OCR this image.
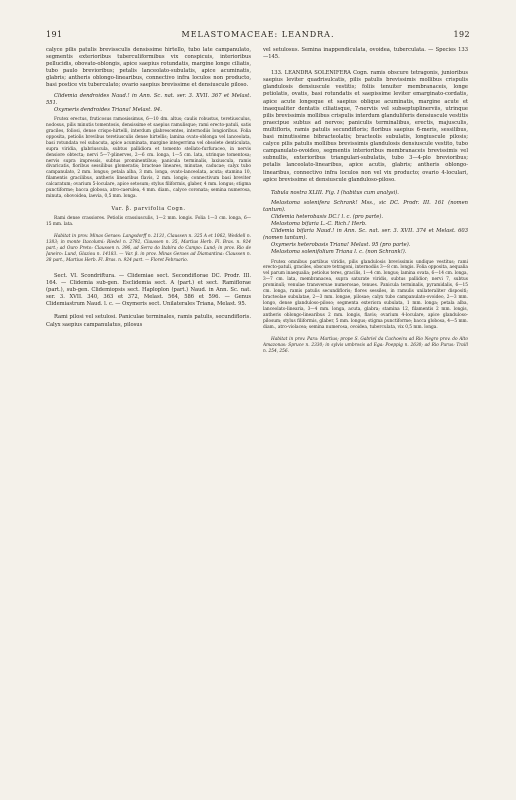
191	MELASTOMACEAE: LEANDRA.	192

calyce pilis patulis brevissculis densissime hirtello, tubo late campanulato, segmentis exterioribus tuberculiformibus vix conspicuis, interioribus pellucidis, obovato-oblongis, apice saepius rotundatis, margine longe ciliatis, tubo paulo brevioribus; petalis lanceolato-subulatis, apice acuminatis, glabris; antheris oblongo-linearibus, connectivo infra loculos non producto, basi postice vix tuberculato; ovario saepius brevissime et densiuscule piloso.

Clidemia dendroides Naud.! in Ann. Sc. nat. ser. 3. XVII. 367 et Melast. 551.

Oxymeris dendroides Triana! Melast. 94.

Frutex erectus, fruticosus ramosissimus, 6—10 dm. altus; caulis robustus, teretiusculus, nodosus, pilis minutis tomentosis, densissime et saepius ramulisque; rami erecto-patuli, satis graciles, foliosi, dense crispo-hirtelli, interdum glabrescentes, internodiis longioribus. Folia opposita, petiolis brevibus teretiusculis dense hirtellis; lamina ovato-oblonga vel lanceolata, basi rotundata vel subacuta, apice acuminata, margine integerrima vel obsolete denticulata, supra viridia, glabriuscula, subtus pallidiora et tomento stellato-furfuraceo, in nervis densiore obtecta; nervi 5—7-plinerves, 2—6 cm. longa, 1—5 cm. lata, utrinque tomentosa; nervis supra impressis, subtus prominentibus; panicula terminalis, laxiuscula, ramis divaricatis, floribus sessilibus glomeratis; bracteae lineares, minutae, caducae; calyx tubo campanulato, 2 mm. longus; petala alba, 3 mm. longa, ovato-lanceolata, acuta; stamina 10, filamentis gracilibus, antheris linearibus flavis, 2 mm. longis; connectivum basi breviter calcaratum; ovarium 5-loculare, apice setosum; stylus filiformis, glaber, 4 mm. longus; stigma punctiforme; bacca globosa, atro-caerulea, 4 mm. diam., calyce coronata; semina numerosa, minuta, obovoidea, laevia, 0,5 mm. longa.

Var. β. parvifolia Cogn.

Rami dense crassiores. Petiolis crassiusculis, 1—2 mm. longis. Folia 1—3 cm. longa, 6—15 mm. lata.

Habitat in prov. Minas Geraes: Langsdorff n. 2131, Claussen n. 325 A et 1062, Weddell n. 1383; in monte Itacolumi: Riedel n. 2792, Claussen n. 35, Martius Herb. Fl. Bras. n. 924 part.; ad Ouro Preto: Claussen n. 396, ad Serra do Itabira do Campo: Lund; in prov. Rio de Janeiro: Lund, Glaziou n. 14183. — Var. β. in prov. Minas Geraes ad Diamantina: Claussen n. 38 part., Martius Herb. Fl. Bras. n. 924 part. — Floret Februario.

Sect. VI. Scondriftura. — Clidemiae sect. Secondiflorae DC. Prodr. III. 164. — Clidemia sub-gen. Esclidemia sect. A (part.) et sect. Ramiflorae (part.), sub-gen. Clidemiopsis sect. Haploplon (part.) Naud. in Ann. Sc. nat. ser. 3. XVII. 340, 363 et 372, Melast. 564, 586 et 596. — Genus Clidemiastrum Naud. l. c. — Oxymeris sect. Unilaterales Triana, Melast. 95.

Rami pilosi vel setulosi. Paniculae terminales, ramis patulis, secundifloris. Calyx saepius campanulatus, pilosus

vel setulosus. Semina inappendiculata, ovoidea, tuberculata. — Species 133—145.

133. LEANDRA SOLENIFERA Cogn. ramis obscure tetragonis, junioribus saepius leviter quadrisulcatis, pilis patulis brevissimis mollibus crispulis glandulosis densiuscule vestitis; foliis tenuiter membranaceis, longe petiolatis, ovatis, basi rotundatis et saepissime leviter emarginato-cordatis, apice acute longeque et saepius oblique acuminatis, margine acute et inaequaliter dentatis ciliatisque, 7-nerviis vel subseptuplinerviis, utrinque pilis brevissimis mollibus crispulis interdum glanduliferis densiuscule vestitis praecipue subtus ad nervos; paniculis terminalibus, erectis, majusculis, multifloris, ramis patulis secundifloris; floribus saepius 6-meris, sessilibus, basi minutissime bibracteolatis; bracteolis subulatis, longiuscule pilosis; calyce pilis patulis mollibus brevissimis glandulosis densiuscule vestito, tubo campanulato-ovoideo, segmentis interioribus membranaceis brevissimis vel subnullis, exterioribus triangulari-subulatis, tubo 3—4-plo brevioribus; petalis lanceolato-linearibus, apice acutis, glabris; antheris oblongo-linearibus, connectivo infra loculos non vel vix producto; ovario 4-loculari, apice brevissime et densiuscule glanduloso-piloso.

Tabula nostra XLIII. Fig. I (habitus cum analysi).

Melastoma solenifera Schrank! Mss., sic DC. Prodr. III. 161 (nomen tantum).

Clidemia heterobasis DC.! l. c. (pro parte).

Melastoma bifaria L.-C. Rich.! Herb.

Clidemia bifaria Naud.! in Ann. Sc. nat. ser. 3. XVII. 374 et Melast. 603 (nomen tantum).

Oxymeris heterobasis Triana! Melast. 95 (pro parte).

Melastoma solenifolium Triana l. c. (non Schrank!).

Frutex omnibus partibus viridis, pilis glandulosis brevissimis undique vestitus; rami erecto-patuli, graciles, obscure tetragoni, internodiis 3—8 cm. longis. Folia opposita, aequalia vel parum inaequalia; petiolus teres, gracilis, 1—4 cm. longus; lamina ovata, 6—14 cm. longa, 3—7 cm. lata, membranacea, supra saturate viridis, subtus pallidior; nervi 7, subtus prominuli; venulae transversae numerosae, tenues. Panicula terminalis, pyramidalis, 6—15 cm. longa, ramis patulis secundifloris; flores sessiles, in ramulis unilateraliter dispositi; bracteolae subulatae, 2—3 mm. longae, pilosae; calyx tubo campanulato-ovoideo, 2—3 mm. longo, dense glanduloso-piloso; segmenta exteriora subulata, 1 mm. longa; petala alba, lanceolato-linearia, 3—4 mm. longa, acuta, glabra; stamina 12, filamentis 2 mm. longis, antheris oblongo-linearibus 2 mm. longis, flavis; ovarium 4-loculare, apice glanduloso-pilosum; stylus filiformis, glaber, 5 mm. longus; stigma punctiforme; bacca globosa, 4—5 mm. diam., atro-violacea; semina numerosa, ovoidea, tuberculata, vix 0,5 mm. longa.

Habitat in prov. Para: Martius; prope S. Gabriel da Cachoeira ad Rio Negro prov. do Alto Amazonas: Spruce n. 2330; in sylvis umbrosis ad Ega: Poeppig n. 2630; ad Rio Purus: Traill n. 254, 256.
